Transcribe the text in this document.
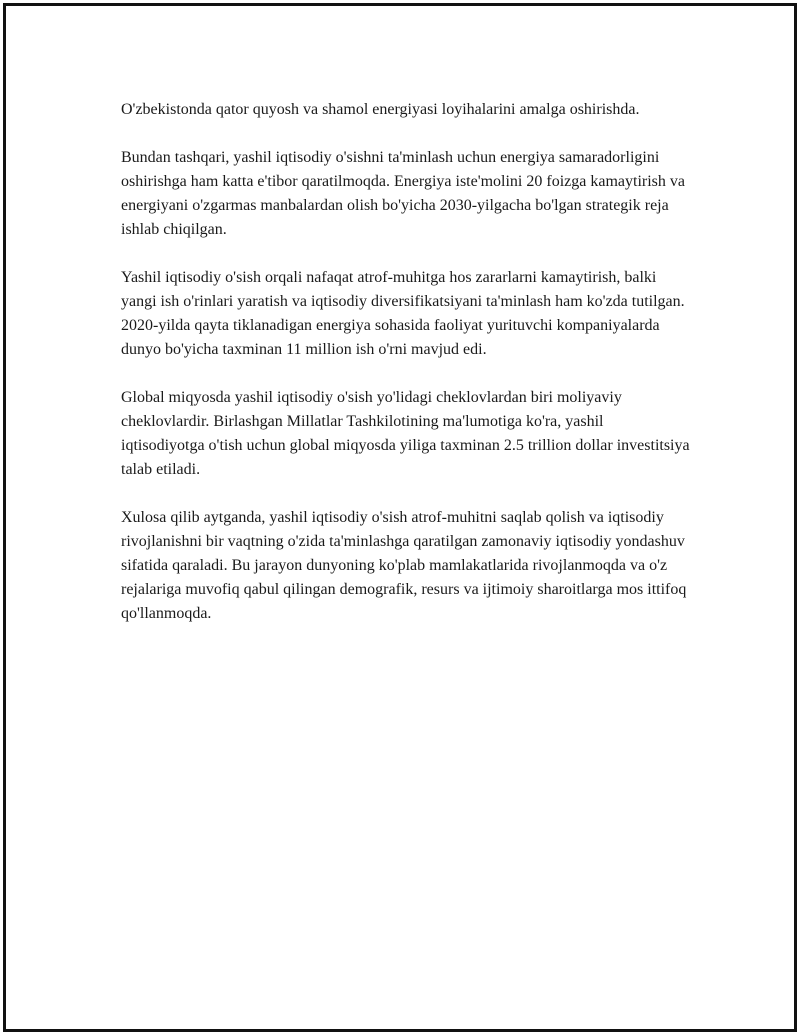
O'zbekistonda qator quyosh va shamol energiyasi loyihalarini amalga oshirishda.

Bundan tashqari, yashil iqtisodiy o'sishni ta'minlash uchun energiya samaradorligini oshirishga ham katta e'tibor qaratilmoqda. Energiya iste'molini 20 foizga kamaytirish va energiyani o'zgarmas manbalardan olish bo'yicha 2030-yilgacha bo'lgan strategik reja ishlab chiqilgan.

Yashil iqtisodiy o'sish orqali nafaqat atrof-muhitga hos zararlarni kamaytirish, balki yangi ish o'rinlari yaratish va iqtisodiy diversifikatsiyani ta'minlash ham ko'zda tutilgan. 2020-yilda qayta tiklanadigan energiya sohasida faoliyat yurituvchi kompaniyalarda dunyo bo'yicha taxminan 11 million ish o'rni mavjud edi.

Global miqyosda yashil iqtisodiy o'sish yo'lidagi cheklovlardan biri moliyaviy cheklovlardir. Birlashgan Millatlar Tashkilotining ma'lumotiga ko'ra, yashil iqtisodiyotga o'tish uchun global miqyosda yiliga taxminan 2.5 trillion dollar investitsiya talab etiladi.

Xulosa qilib aytganda, yashil iqtisodiy o'sish atrof-muhitni saqlab qolish va iqtisodiy rivojlanishni bir vaqtning o'zida ta'minlashga qaratilgan zamonaviy iqtisodiy yondashuv sifatida qaraladi. Bu jarayon dunyoning ko'plab mamlakatlarida rivojlanmoqda va o'z rejalariga muvofiq qabul qilingan demografik, resurs va ijtimoiy sharoitlarga mos ittifoq qo'llanmoqda.
